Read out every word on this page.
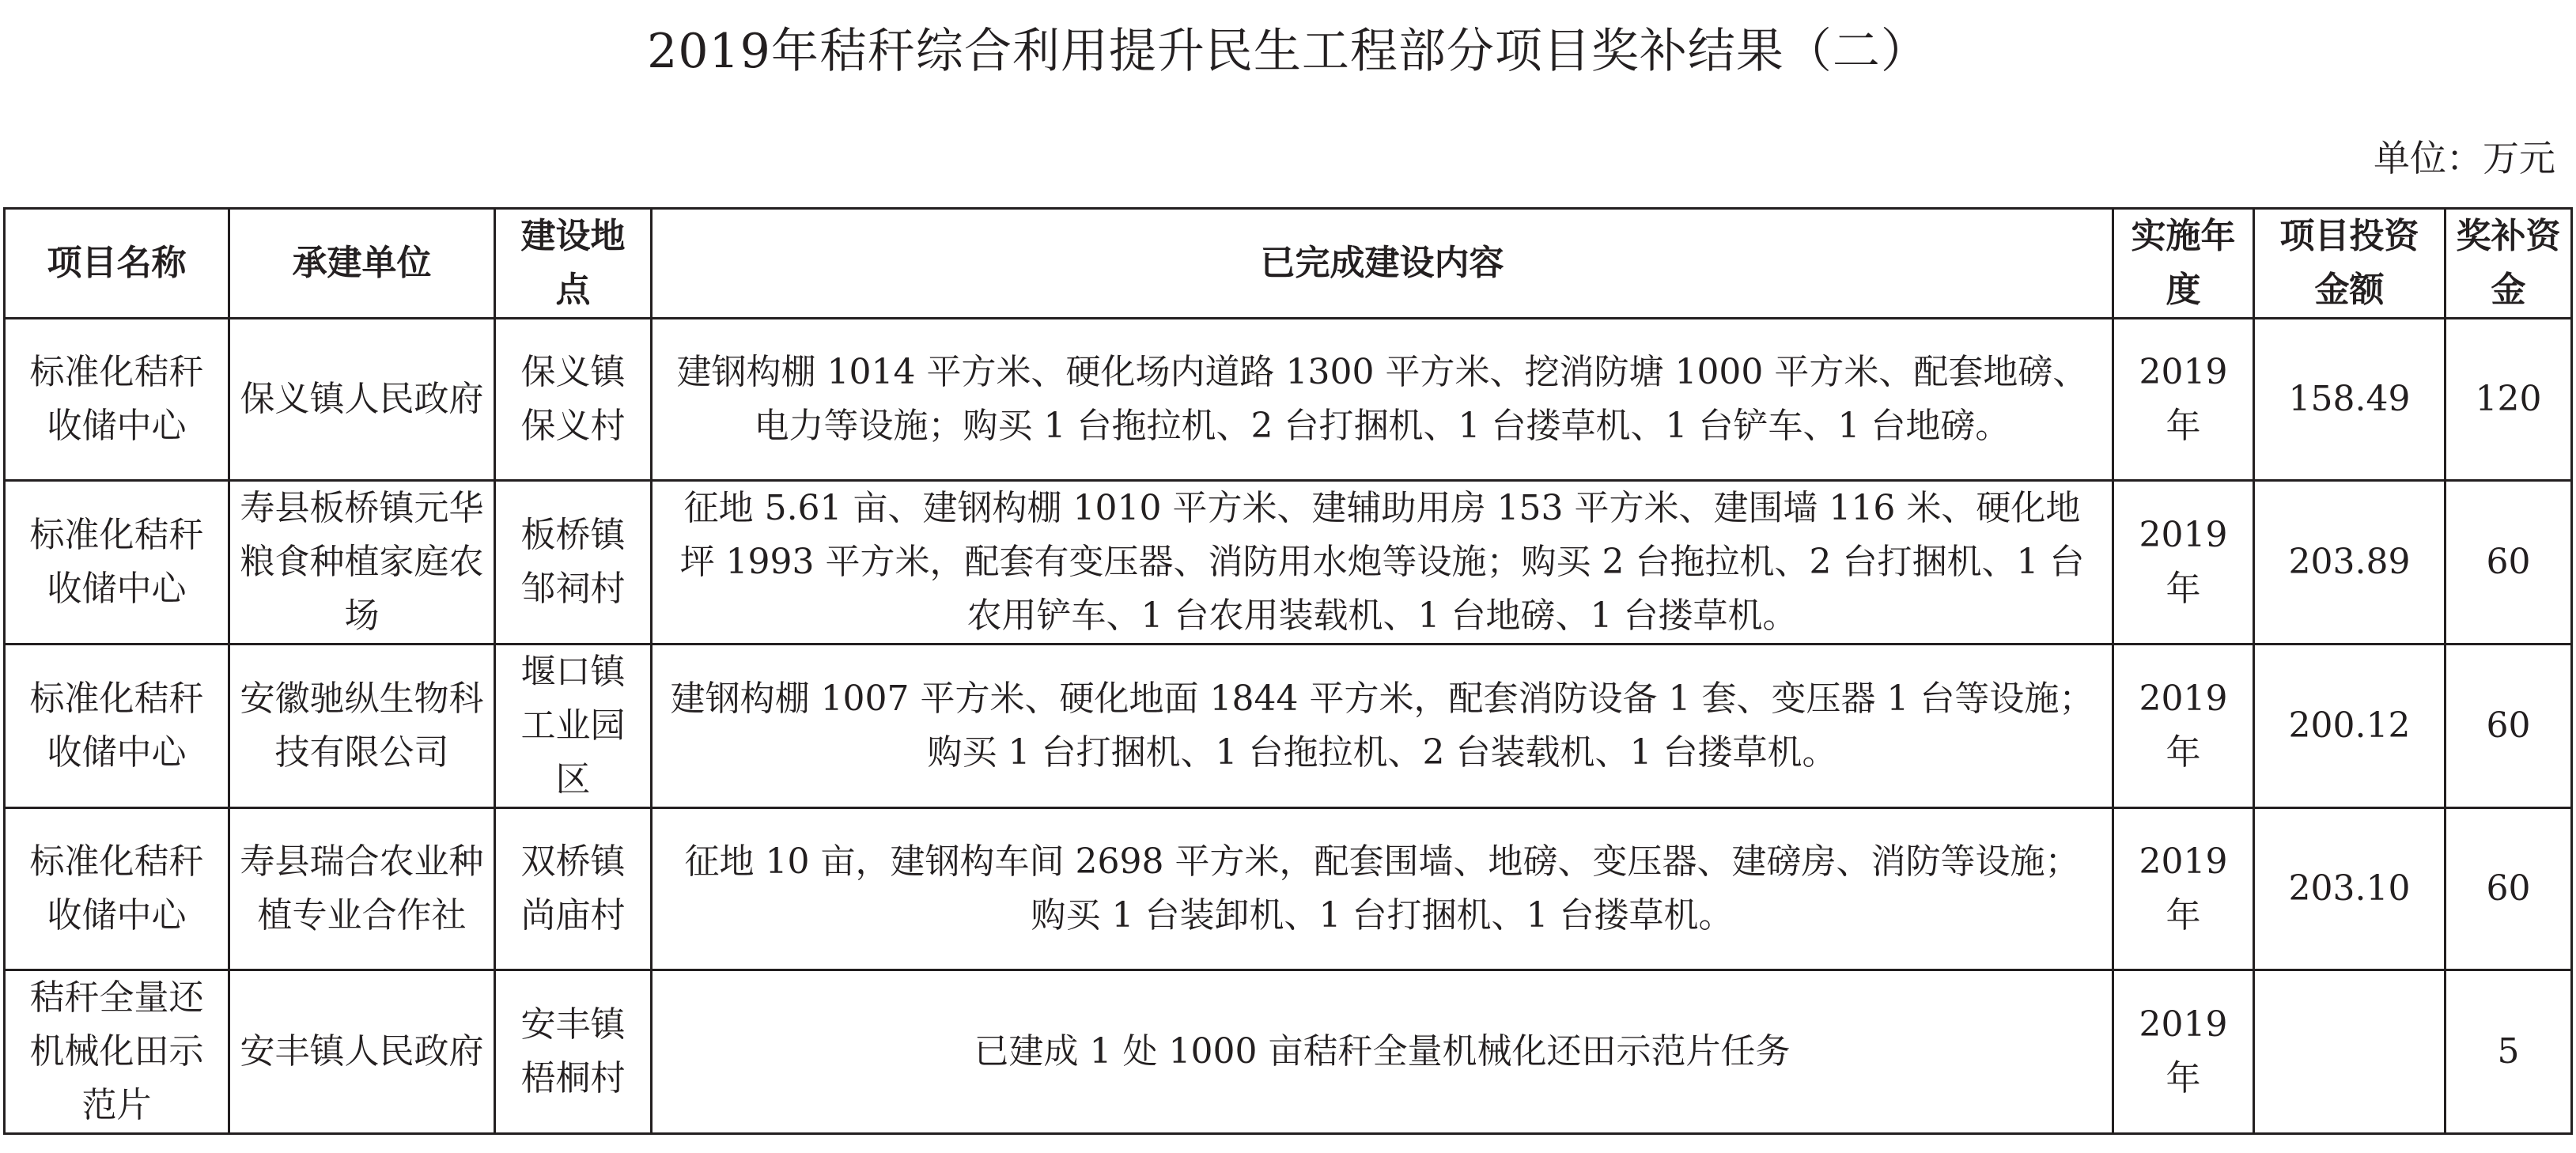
2019年秸秆综合利用提升民生工程部分项目奖补结果（二）
单位：万元
项目名称	承建单位	建设地点	已完成建设内容	实施年度	项目投资金额	奖补资金
标准化秸秆收储中心	保义镇人民政府	保义镇保义村	建钢构棚 1014 平方米、硬化场内道路 1300 平方米、挖消防塘 1000 平方米、配套地磅、电力等设施；购买 1 台拖拉机、2 台打捆机、1 台搂草机、1 台铲车、1 台地磅。	2019年	158.49	120
标准化秸秆收储中心	寿县板桥镇元华粮食种植家庭农场	板桥镇邹祠村	征地 5.61 亩、建钢构棚 1010 平方米、建辅助用房 153 平方米、建围墙 116 米、硬化地坪 1993 平方米，配套有变压器、消防用水炮等设施；购买 2 台拖拉机、2 台打捆机、1 台农用铲车、1 台农用装载机、1 台地磅、1 台搂草机。	2019年	203.89	60
标准化秸秆收储中心	安徽驰纵生物科技有限公司	堰口镇工业园区	建钢构棚 1007 平方米、硬化地面 1844 平方米，配套消防设备 1 套、变压器 1 台等设施；购买 1 台打捆机、1 台拖拉机、2 台装载机、1 台搂草机。	2019年	200.12	60
标准化秸秆收储中心	寿县瑞合农业种植专业合作社	双桥镇尚庙村	征地 10 亩，建钢构车间 2698 平方米，配套围墙、地磅、变压器、建磅房、消防等设施；购买 1 台装卸机、1 台打捆机、1 台搂草机。	2019年	203.10	60
秸秆全量还机械化田示范片	安丰镇人民政府	安丰镇梧桐村	已建成 1 处 1000 亩秸秆全量机械化还田示范片任务	2019年		5
